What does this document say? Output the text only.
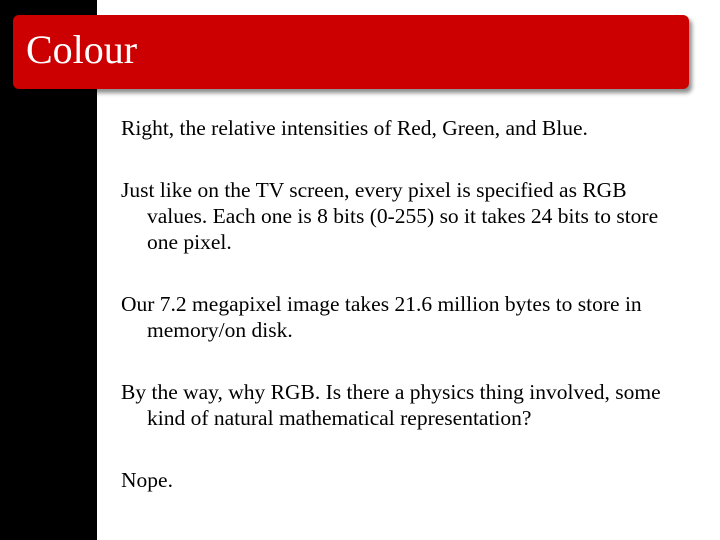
Colour
Right, the relative intensities of Red, Green, and Blue.
Just like on the TV screen, every pixel is specified as RGB values. Each one is 8 bits (0-255) so it takes 24 bits to store one pixel.
Our 7.2 megapixel image takes 21.6 million bytes to store in memory/on disk.
By the way, why RGB. Is there a physics thing involved, some kind of natural mathematical representation?
Nope.
